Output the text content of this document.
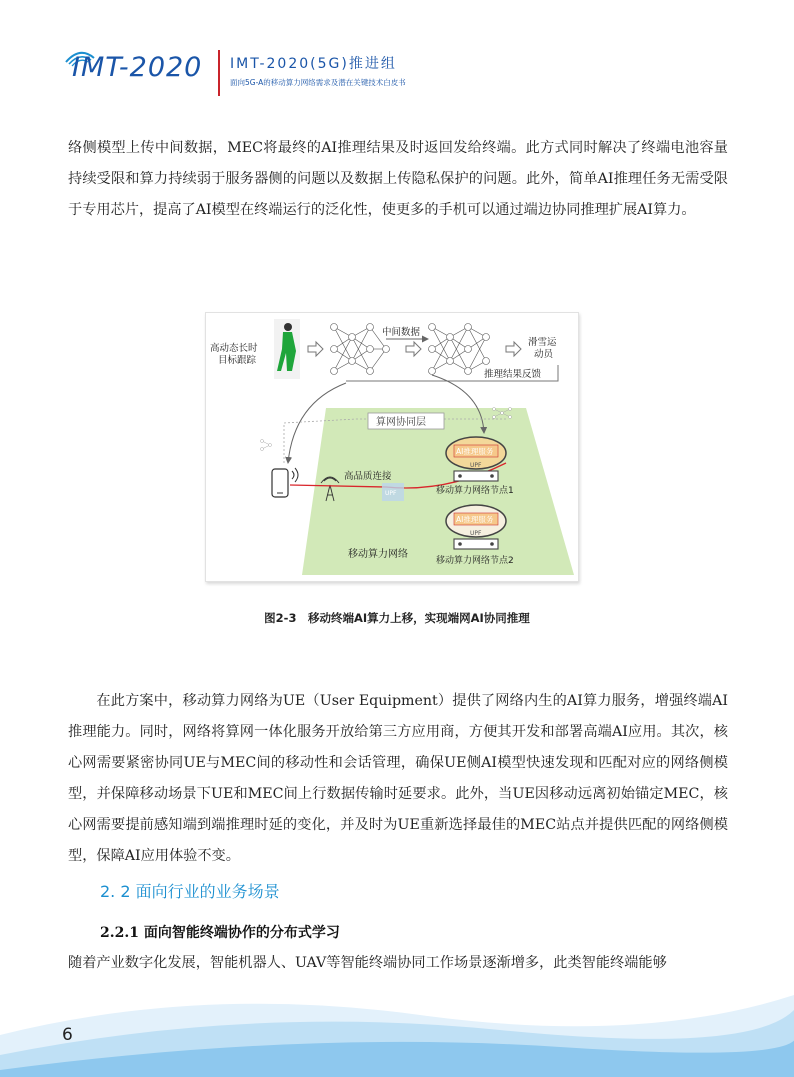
IMT-2020 IMT-2020(5G)推进组
面向5G-A的移动算力网络需求及潜在关键技术白皮书

络侧模型上传中间数据，MEC将最终的AI推理结果及时返回发给终端。此方式同时解决了终端电池容量持续受限和算力持续弱于服务器侧的问题以及数据上传隐私保护的问题。此外，简单AI推理任务无需受限于专用芯片，提高了AI模型在终端运行的泛化性，使更多的手机可以通过端边协同推理扩展AI算力。

高动态长时
目标跟踪
中间数据
滑雪运
动员
推理结果反馈
算网协同层
高品质连接
UPF
AI推理服务
UPF
移动算力网络节点1
AI推理服务
UPF
移动算力网络节点2
移动算力网络
图2-3　移动终端AI算力上移，实现端网AI协同推理

在此方案中，移动算力网络为UE（User Equipment）提供了网络内生的AI算力服务，增强终端AI推理能力。同时，网络将算网一体化服务开放给第三方应用商，方便其开发和部署高端AI应用。其次，核心网需要紧密协同UE与MEC间的移动性和会话管理，确保UE侧AI模型快速发现和匹配对应的网络侧模型，并保障移动场景下UE和MEC间上行数据传输时延要求。此外，当UE因移动远离初始锚定MEC，核心网需要提前感知端到端推理时延的变化，并及时为UE重新选择最佳的MEC站点并提供匹配的网络侧模型，保障AI应用体验不变。

2. 2 面向行业的业务场景
2.2.1 面向智能终端协作的分布式学习

随着产业数字化发展，智能机器人、UAV等智能终端协同工作场景逐渐增多，此类智能终端能够

6
